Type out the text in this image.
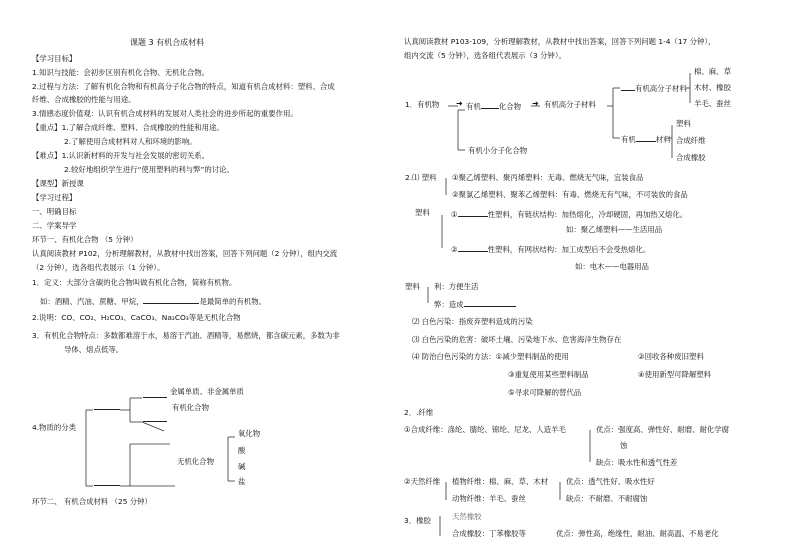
课题 3 有机合成材料
【学习目标】
1.知识与技能：会初步区别有机化合物、无机化合物。
2.过程与方法：了解有机化合物和有机高分子化合物的特点，知道有机合成材料：塑料、合成
纤维、合成橡胶的性能与用途。
3.情感态度价值观：认识有机合成材料的发展对人类社会的进步所起的重要作用。
【重点】1.了解合成纤维、塑料、合成橡胶的性能和用途。
2.了解使用合成材料对人和环境的影响。
【难点】1.认识新材料的开发与社会发展的密切关系。
2.较好地组织学生进行“使用塑料的利与弊”的讨论。
【课型】新授课
【学习过程】
一、明确目标
二、学案导学
环节一、有机化合物 （5 分钟）
认真阅读教材 P102，分析理解教材，从教材中找出答案，回答下列问题（2 分钟），组内交流
（2 分钟），选各组代表展示（1 分钟）。
1．定义：大部分含碳的化合物叫做有机化合物，简称有机物。
如：酒精、汽油、蔗糖、甲烷，	是最简单的有机物。
2.说明：CO、CO₂、H₂CO₃、CaCO₃、Na₂CO₃等是无机化合物
3．有机化合物特点：多数都难溶于水，易溶于汽油、酒精等，易燃烧，都含碳元素，多数为非
导体、熔点低等。
4.物质的分类
金属单质、非金属单质
有机化合物
无机化合物
氧化物
酸
碱
盐
环节二、 有机合成材料 （25 分钟）
认真阅读教材 P103-109，分析理解教材，从教材中找出答案，回答下列问题 1-4（17 分钟），
组内交流（5 分钟），选各组代表展示（3 分钟）。
1．有机物	有机 化合物	有机高分子材料
有机高分子材料
棉、麻、草
木材、橡胶
羊毛、蚕丝
有机	材料
塑料
合成纤维
合成橡胶
有机小分子化合物
2.⑴ 塑料 ①聚乙烯塑料、聚丙烯塑料：无毒、燃烧无气味，宜装食品
②聚氯乙烯塑料、聚苯乙烯塑料：有毒、燃烧无有气味，不可装放的食品
塑料	①	性塑料，有链状结构：加热熔化，冷却硬固，再加热又熔化。
如：聚乙烯塑料——生活用品
②	性塑料，有网状结构：加工成型后不会受热熔化。
如：电木——电器用品
塑料 利：方便生活
弊：造成
⑵ 白色污染：指废弃塑料造成的污染
⑶ 白色污染的危害：破坏土壤、污染地下水、危害海洋生物存在
⑷ 防治白色污染的方法：①减少塑料制品的使用	②回收各种废旧塑料
③重复使用某些塑料制品	④使用新型可降解塑料
⑤寻求可降解的替代品
2．.纤维
①合成纤维：涤纶、腈纶、锦纶、尼龙、人造羊毛	优点：强度高、弹性好、耐磨、耐化学腐
蚀
缺点：吸水性和透气性差
②天然纤维 植物纤维：棉、麻、草、木材
动物纤维：羊毛、蚕丝
优点：透气性好、吸水性好
缺点：不耐磨、不耐腐蚀
3．橡胶	天然橡胶
合成橡胶：丁苯橡胶等	优点：弹性高，绝缘性，耐油、耐高温、不易老化
➜
➜
